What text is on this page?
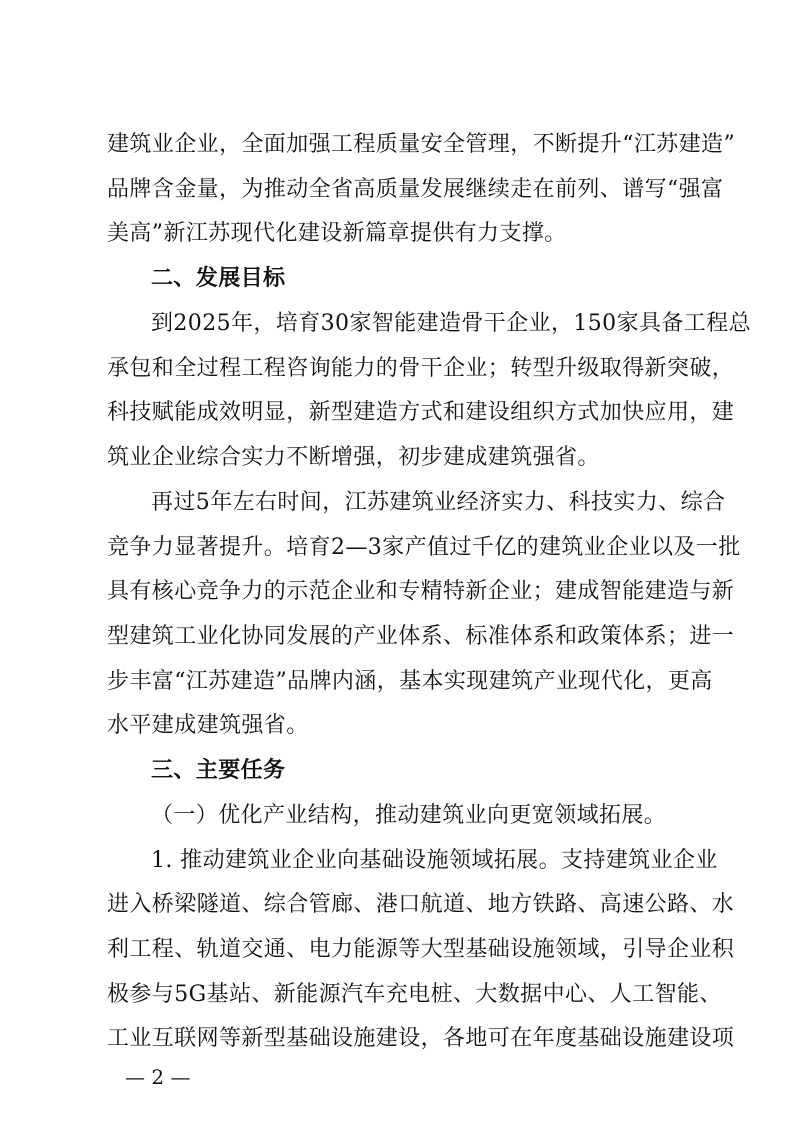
建筑业企业，全面加强工程质量安全管理，不断提升“江苏建造”
品牌含金量，为推动全省高质量发展继续走在前列、谱写“强富
美高”新江苏现代化建设新篇章提供有力支撑。
二、发展目标
到2025年，培育30家智能建造骨干企业，150家具备工程总
承包和全过程工程咨询能力的骨干企业；转型升级取得新突破，
科技赋能成效明显，新型建造方式和建设组织方式加快应用，建
筑业企业综合实力不断增强，初步建成建筑强省。
再过5年左右时间，江苏建筑业经济实力、科技实力、综合
竞争力显著提升。培育2—3家产值过千亿的建筑业企业以及一批
具有核心竞争力的示范企业和专精特新企业；建成智能建造与新
型建筑工业化协同发展的产业体系、标准体系和政策体系；进一
步丰富“江苏建造”品牌内涵，基本实现建筑产业现代化，更高
水平建成建筑强省。
三、主要任务
（一）优化产业结构，推动建筑业向更宽领域拓展。
1. 推动建筑业企业向基础设施领域拓展。支持建筑业企业
进入桥梁隧道、综合管廊、港口航道、地方铁路、高速公路、水
利工程、轨道交通、电力能源等大型基础设施领域，引导企业积
极参与5G基站、新能源汽车充电桩、大数据中心、人工智能、
工业互联网等新型基础设施建设，各地可在年度基础设施建设项
— 2 —
